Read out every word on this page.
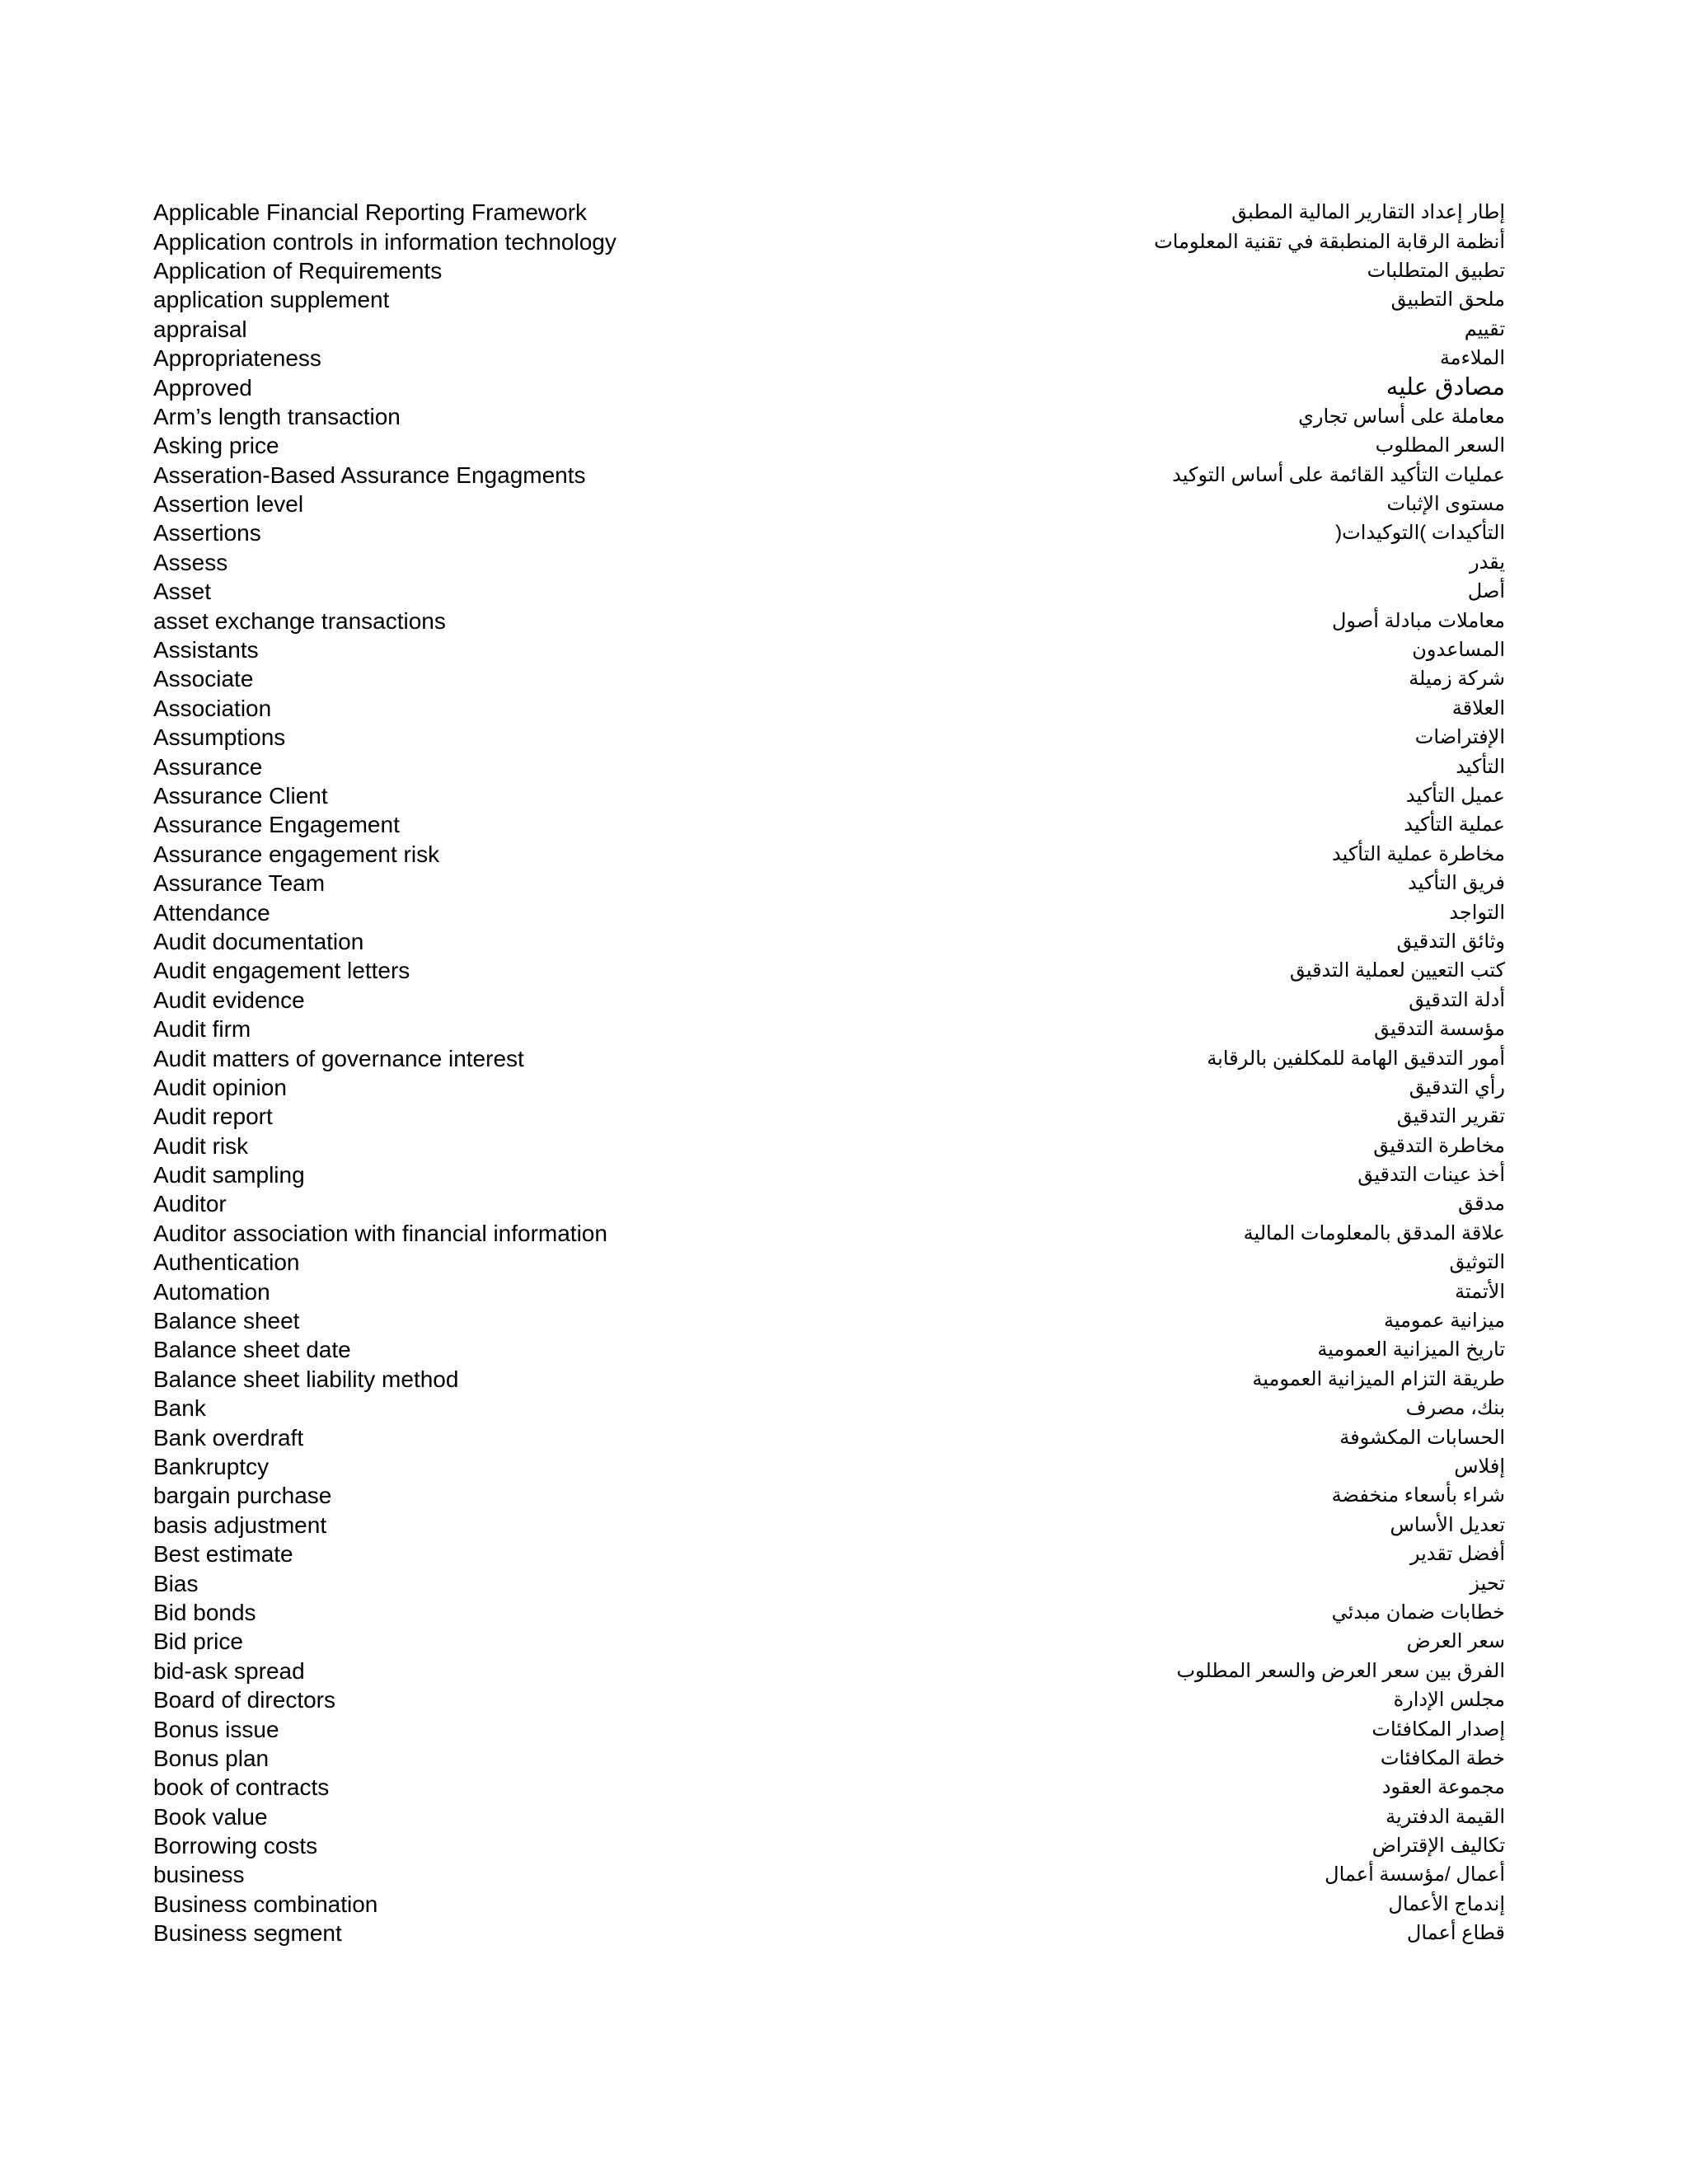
Applicable Financial Reporting Framework	إطار إعداد التقارير المالية المطبق
Application controls in information technology	أنظمة الرقابة المنطبقة في تقنية المعلومات
Application of Requirements	تطبيق المتطلبات
application supplement	ملحق التطبيق
appraisal	تقييم
Appropriateness	الملاءمة
Approved	مصادق عليه
Arm’s length transaction	معاملة على أساس تجاري
Asking price	السعر المطلوب
Asseration-Based Assurance Engagments	عمليات التأكيد القائمة على أساس التوكيد
Assertion level	مستوى الإثبات
Assertions	التأكيدات )التوكيدات(
Assess	يقدر
Asset	أصل
asset exchange transactions	معاملات مبادلة أصول
Assistants	المساعدون
Associate	شركة زميلة
Association	العلاقة
Assumptions	الإفتراضات
Assurance	التأكيد
Assurance Client	عميل التأكيد
Assurance Engagement	عملية التأكيد
Assurance engagement risk	مخاطرة عملية التأكيد
Assurance Team	فريق التأكيد
Attendance	التواجد
Audit documentation	وثائق التدقيق
Audit engagement letters	كتب التعيين لعملية التدقيق
Audit evidence	أدلة التدقيق
Audit firm	مؤسسة التدقيق
Audit matters of governance interest	أمور التدقيق الهامة للمكلفين بالرقابة
Audit opinion	رأي التدقيق
Audit report	تقرير التدقيق
Audit risk	مخاطرة التدقيق
Audit sampling	أخذ عينات التدقيق
Auditor	مدقق
Auditor association with financial information	علاقة المدقق بالمعلومات المالية
Authentication	التوثيق
Automation	الأتمتة
Balance sheet	ميزانية عمومية
Balance sheet date	تاريخ الميزانية العمومية
Balance sheet liability method	طريقة التزام الميزانية العمومية
Bank	بنك، مصرف
Bank overdraft	الحسابات المكشوفة
Bankruptcy	إفلاس
bargain purchase	شراء بأسعاء منخفضة
basis adjustment	تعديل الأساس
Best estimate	أفضل تقدير
Bias	تحيز
Bid bonds	خطابات ضمان مبدئي
Bid price	سعر العرض
bid-ask spread	الفرق بين سعر العرض والسعر المطلوب
Board of directors	مجلس الإدارة
Bonus issue	إصدار المكافئات
Bonus plan	خطة المكافئات
book of contracts	مجموعة العقود
Book value	القيمة الدفترية
Borrowing costs	تكاليف الإقتراض
business	أعمال /مؤسسة أعمال
Business combination	إندماج الأعمال
Business segment	قطاع أعمال
